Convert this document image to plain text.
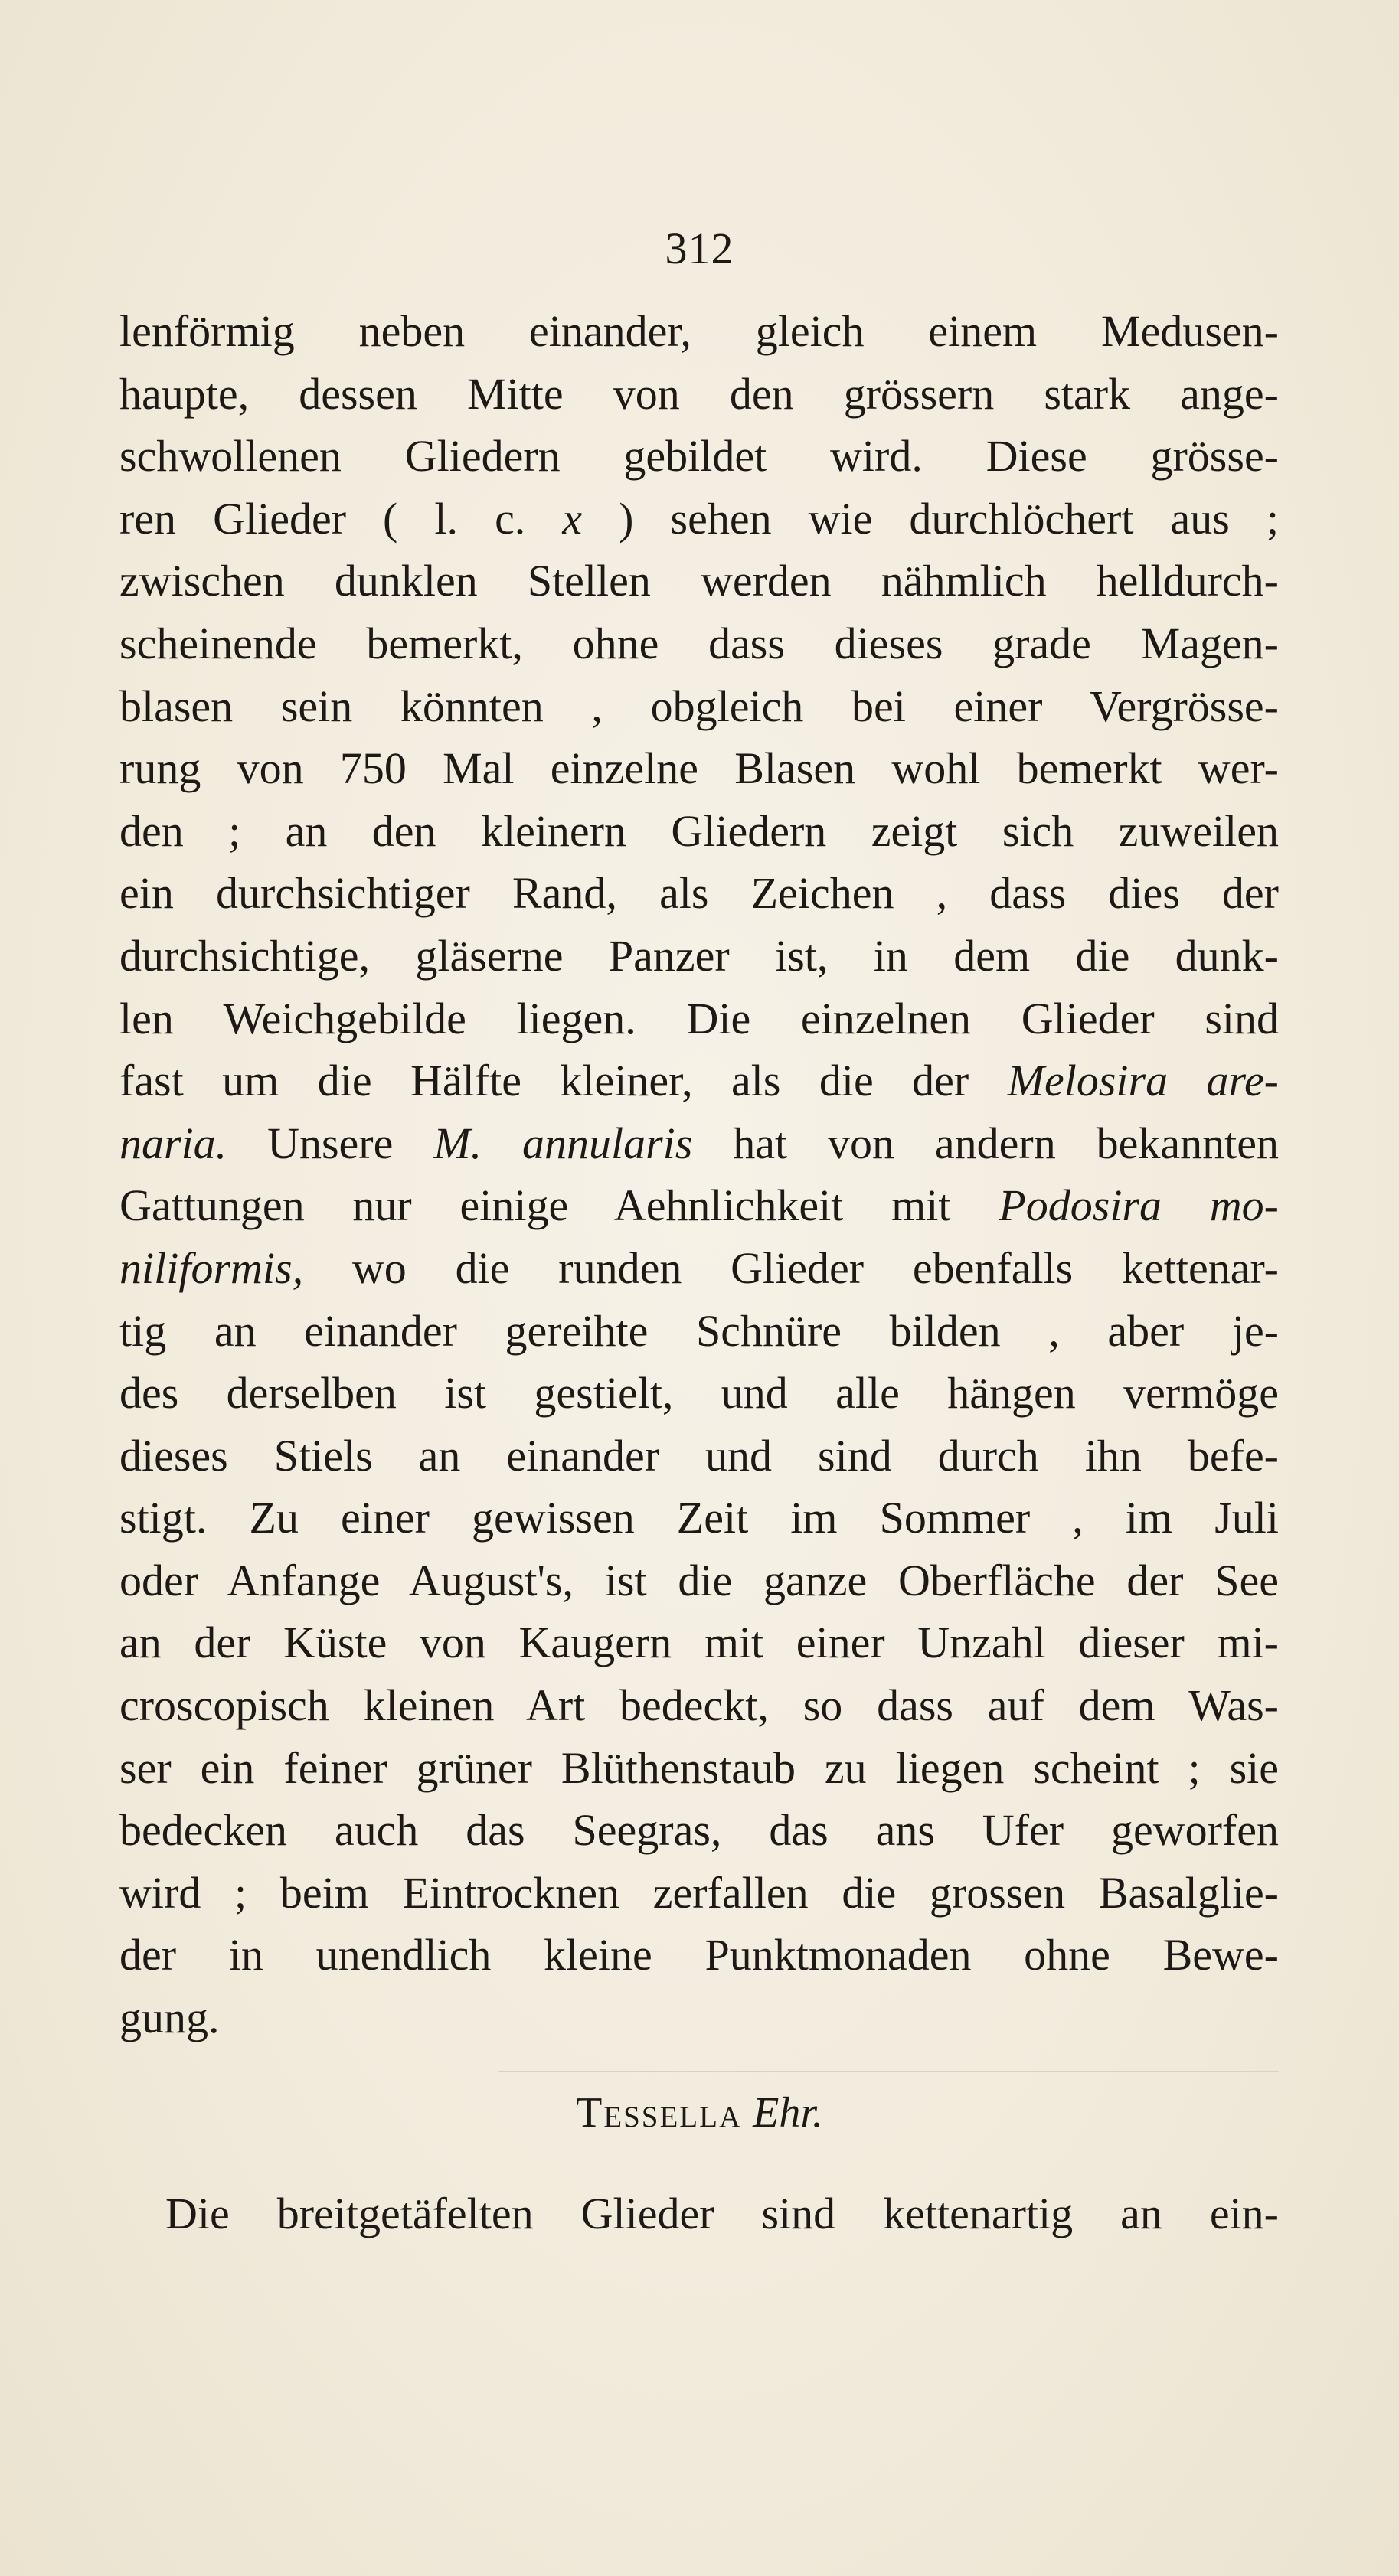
312
lenförmig neben einander, gleich einem Medusen-
haupte, dessen Mitte von den grössern stark ange-
schwollenen Gliedern gebildet wird. Diese grösse-
ren Glieder ( l. c. x ) sehen wie durchlöchert aus ;
zwischen dunklen Stellen werden nähmlich helldurch-
scheinende bemerkt, ohne dass dieses grade Magen-
blasen sein könnten , obgleich bei einer Vergrösse-
rung von 750 Mal einzelne Blasen wohl bemerkt wer-
den ; an den kleinern Gliedern zeigt sich zuweilen
ein durchsichtiger Rand, als Zeichen , dass dies der
durchsichtige, gläserne Panzer ist, in dem die dunk-
len Weichgebilde liegen. Die einzelnen Glieder sind
fast um die Hälfte kleiner, als die der Melosira are-
naria. Unsere M. annularis hat von andern bekannten
Gattungen nur einige Aehnlichkeit mit Podosira mo-
niliformis, wo die runden Glieder ebenfalls kettenar-
tig an einander gereihte Schnüre bilden , aber je-
des derselben ist gestielt, und alle hängen vermöge
dieses Stiels an einander und sind durch ihn befe-
stigt. Zu einer gewissen Zeit im Sommer , im Juli
oder Anfange August's, ist die ganze Oberfläche der See
an der Küste von Kaugern mit einer Unzahl dieser mi-
croscopisch kleinen Art bedeckt, so dass auf dem Was-
ser ein feiner grüner Blüthenstaub zu liegen scheint ; sie
bedecken auch das Seegras, das ans Ufer geworfen
wird ; beim Eintrocknen zerfallen die grossen Basalglie-
der in unendlich kleine Punktmonaden ohne Bewe-
gung.
Tessella Ehr.
Die breitgetäfelten Glieder sind kettenartig an ein-
